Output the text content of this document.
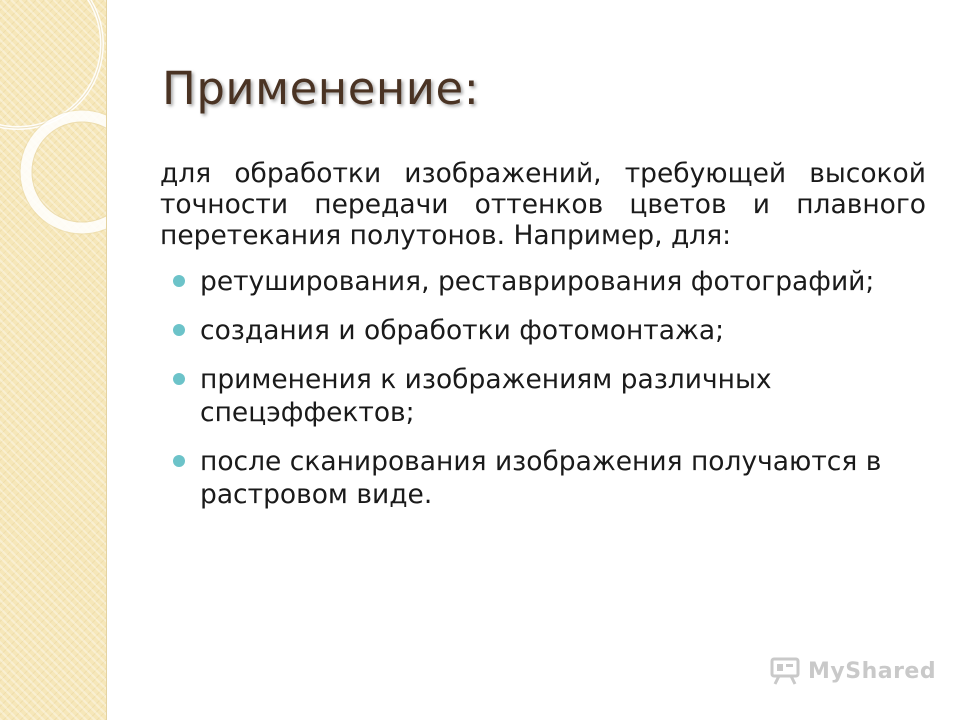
Применение:

для обработки изображений, требующей высокой точности передачи оттенков цветов и плавного перетекания полутонов. Например, для:

ретуширования, реставрирования фотографий;
создания и обработки фотомонтажа;
применения к изображениям различных спецэффектов;
после сканирования изображения получаются в растровом виде.
MyShared
